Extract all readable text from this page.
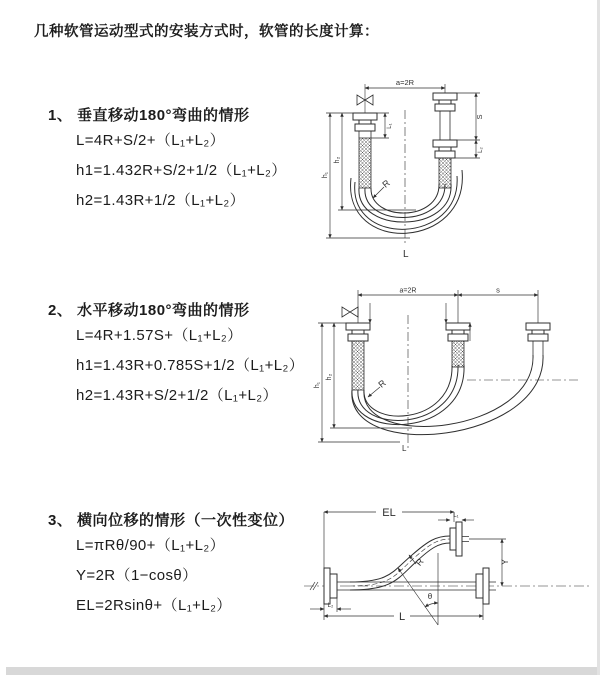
几种软管运动型式的安装方式时，软管的长度计算：
1、 垂直移动180°弯曲的情形
L=4R+S/2+（L₁+L₂）
h1=1.432R+S/2+1/2（L₁+L₂）
h2=1.43R+1/2（L₁+L₂）
2、 水平移动180°弯曲的情形
L=4R+1.57S+（L₁+L₂）
h1=1.43R+0.785S+1/2（L₁+L₂）
h2=1.43R+S/2+1/2（L₁+L₂）
3、 横向位移的情形（一次性变位）
L=πRθ/90+（L₁+L₂）
Y=2R（1−cosθ）
EL=2Rsinθ+（L₁+L₂）
a=2R
h₁
h₂
L₁
S
L₂
R
L
a=2R	s
h₁
h₂
R
L
EL	L₁
L
L₂
Y
R
θ
